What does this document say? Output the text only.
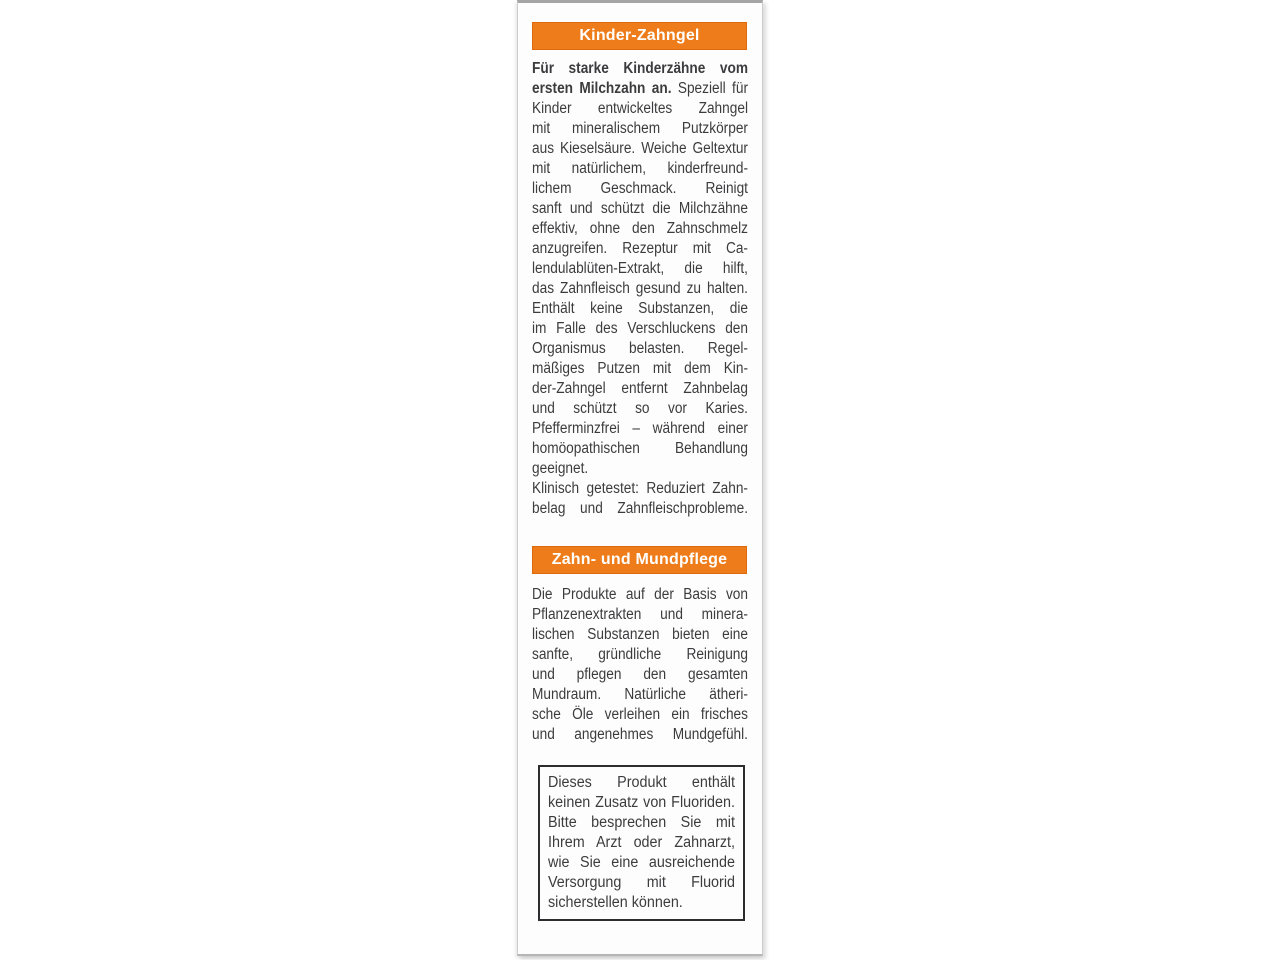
Kinder-Zahngel
Für starke Kinderzähne vom
ersten Milchzahn an. Speziell für
Kinder entwickeltes Zahngel
mit mineralischem Putzkörper
aus Kieselsäure. Weiche Geltextur
mit natürlichem, kinderfreund-
lichem Geschmack. Reinigt
sanft und schützt die Milchzähne
effektiv, ohne den Zahnschmelz
anzugreifen. Rezeptur mit Ca-
lendulablüten-Extrakt, die hilft,
das Zahnfleisch gesund zu halten.
Enthält keine Substanzen, die
im Falle des Verschluckens den
Organismus belasten. Regel-
mäßiges Putzen mit dem Kin-
der-Zahngel entfernt Zahnbelag
und schützt so vor Karies.
Pfefferminzfrei – während einer
homöopathischen Behandlung
geeignet.
Klinisch getestet: Reduziert Zahn-
belag und Zahnfleischprobleme.
Zahn- und Mundpflege
Die Produkte auf der Basis von
Pflanzenextrakten und minera-
lischen Substanzen bieten eine
sanfte, gründliche Reinigung
und pflegen den gesamten
Mundraum. Natürliche ätheri-
sche Öle verleihen ein frisches
und angenehmes Mundgefühl.
Dieses Produkt enthält
keinen Zusatz von Fluoriden.
Bitte besprechen Sie mit
Ihrem Arzt oder Zahnarzt,
wie Sie eine ausreichende
Versorgung mit Fluorid
sicherstellen können.
